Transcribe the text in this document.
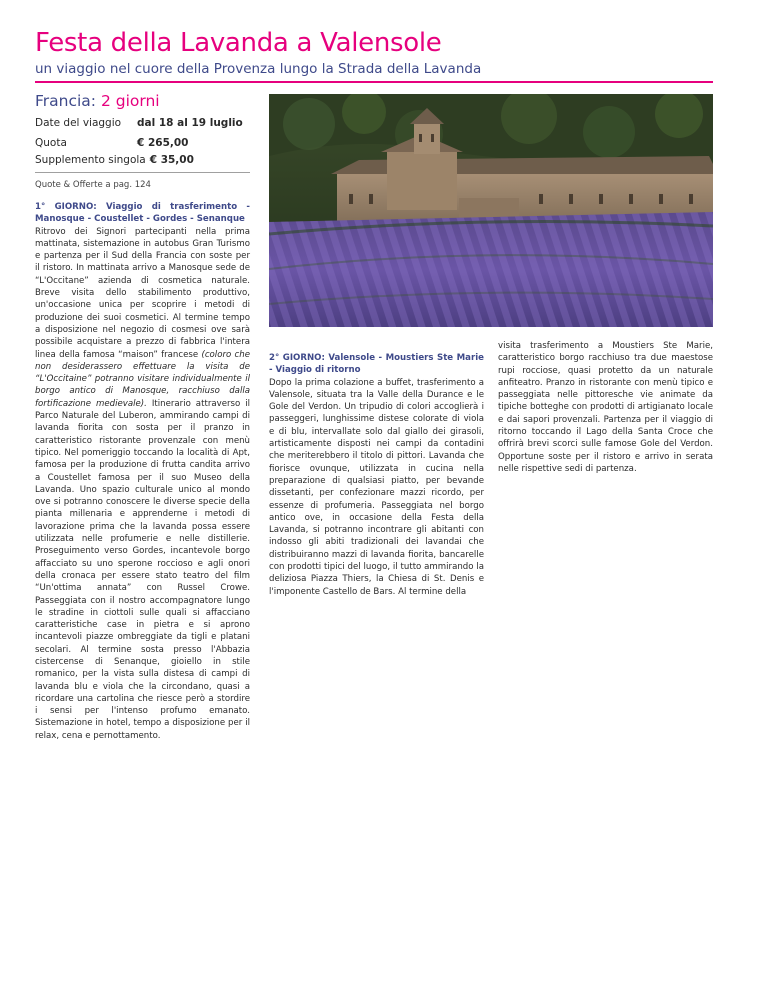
Festa della Lavanda a Valensole
un viaggio nel cuore della Provenza lungo la Strada della Lavanda
Francia: 2 giorni
Date del viaggio dal 18 al 19 luglio
Quota	€ 265,00
Supplemento singola € 35,00
Quote & Offerte a pag. 124
1° GIORNO: Viaggio di trasferimento - Manosque - Coustellet - Gordes - Senanque

Ritrovo dei Signori partecipanti nella prima mattinata, sistemazione in autobus Gran Turismo e partenza per il Sud della Francia con soste per il ristoro. In mattinata arrivo a Manosque sede de “L'Occitane” azienda di cosmetica naturale. Breve visita dello stabilimento produttivo, un'occasione unica per scoprire i metodi di produzione dei suoi cosmetici. Al termine tempo a disposizione nel negozio di cosmesi ove sarà possibile acquistare a prezzo di fabbrica l'intera linea della famosa “maison” francese (coloro che non desiderassero effettuare la visita de “L'Occitaine” potranno visitare individualmente il borgo antico di Manosque, racchiuso dalla fortificazione medievale). Itinerario attraverso il Parco Naturale del Luberon, ammirando campi di lavanda fiorita con sosta per il pranzo in caratteristico ristorante provenzale con menù tipico. Nel pomeriggio toccando la località di Apt, famosa per la produzione di frutta candita arrivo a Coustellet famosa per il suo Museo della Lavanda. Uno spazio culturale unico al mondo ove si potranno conoscere le diverse specie della pianta millenaria e apprenderne i metodi di lavorazione prima che la lavanda possa essere utilizzata nelle profumerie e nelle distillerie. Proseguimento verso Gordes, incantevole borgo affacciato su uno sperone roccioso e agli onori della cronaca per essere stato teatro del film “Un'ottima annata” con Russel Crowe. Passeggiata con il nostro accompagnatore lungo le stradine in ciottoli sulle quali si affacciano caratteristiche case in pietra e si aprono incantevoli piazze ombreggiate da tigli e platani secolari. Al termine sosta presso l'Abbazia cistercense di Senanque, gioiello in stile romanico, per la vista sulla distesa di campi di lavanda blu e viola che la circondano, quasi a ricordare una cartolina che riesce però a stordire i sensi per l'intenso profumo emanato. Sistemazione in hotel, tempo a disposizione per il relax, cena e pernottamento.

2° GIORNO: Valensole - Moustiers Ste Marie - Viaggio di ritorno

Dopo la prima colazione a buffet, trasferimento a Valensole, situata tra la Valle della Durance e le Gole del Verdon. Un tripudio di colori accoglierà i passeggeri, lunghissime distese colorate di viola e di blu, intervallate solo dal giallo dei girasoli, artisticamente disposti nei campi da contadini che meriterebbero il titolo di pittori. Lavanda che fiorisce ovunque, utilizzata in cucina nella preparazione di qualsiasi piatto, per bevande dissetanti, per confezionare mazzi ricordo, per essenze di profumeria. Passeggiata nel borgo antico ove, in occasione della Festa della Lavanda, si potranno incontrare gli abitanti con indosso gli abiti tradizionali dei lavandai che distribuiranno mazzi di lavanda fiorita, bancarelle con prodotti tipici del luogo, il tutto ammirando la deliziosa Piazza Thiers, la Chiesa di St. Denis e l'imponente Castello de Bars. Al termine della

visita trasferimento a Moustiers Ste Marie, caratteristico borgo racchiuso tra due maestose rupi rocciose, quasi protetto da un naturale anfiteatro. Pranzo in ristorante con menù tipico e passeggiata nelle pittoresche vie animate da tipiche botteghe con prodotti di artigianato locale e dai sapori provenzali. Partenza per il viaggio di ritorno toccando il Lago della Santa Croce che offrirà brevi scorci sulle famose Gole del Verdon. Opportune soste per il ristoro e arrivo in serata nelle rispettive sedi di partenza.
